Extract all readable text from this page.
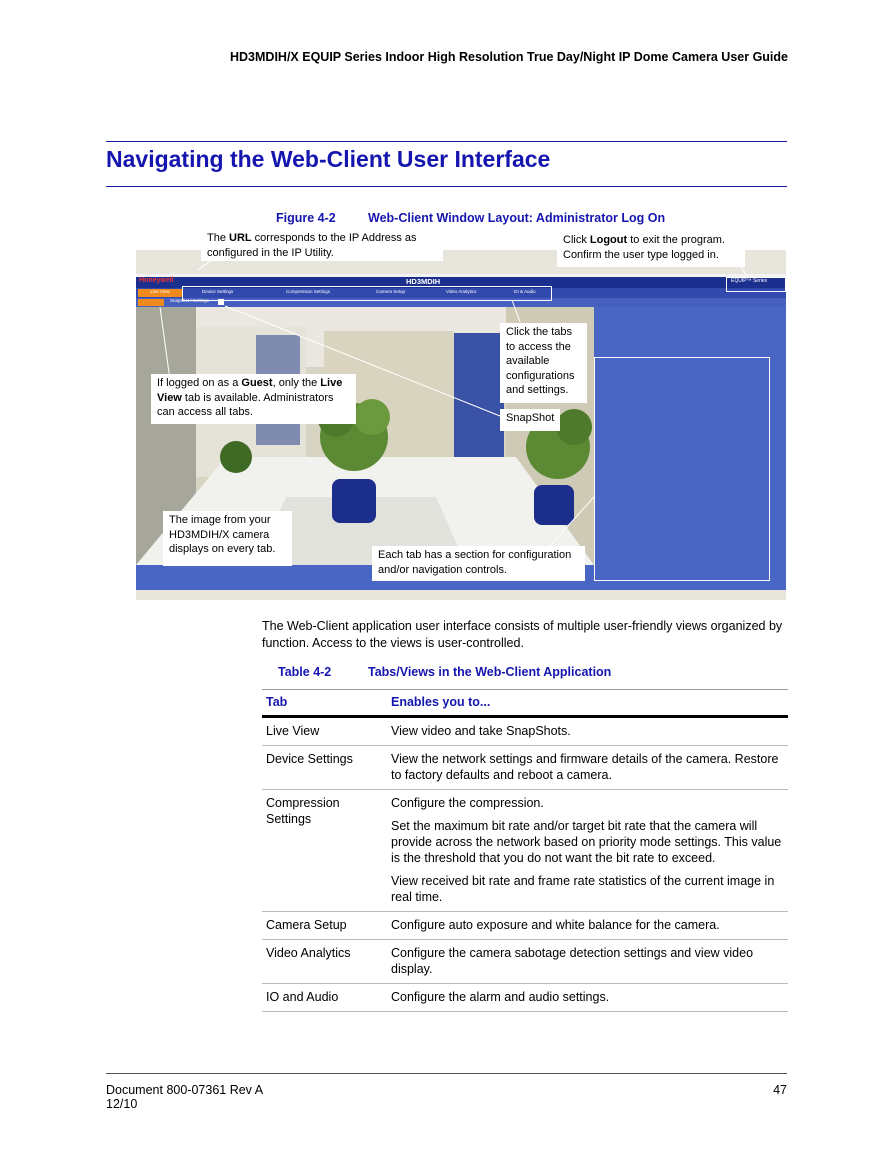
HD3MDIH/X EQUIP Series Indoor High Resolution True Day/Night IP Dome Camera User Guide
Navigating the Web-Client User Interface
Figure 4-2	Web-Client Window Layout: Administrator Log On
Honeywell	HD3MDIH	EQUIP™ Series
Live View	Device Settings	Compression Settings	Camera Setup	Video Analytics	IO & Audio
Snapshot / Settings
The URL corresponds to the IP Address as configured in the IP Utility.
Click Logout to exit the program. Confirm the user type logged in.
Click the tabs to access the available configurations and settings.
If logged on as a Guest, only the Live View tab is available. Administrators can access all tabs.	SnapShot
The image from your HD3MDIH/X camera displays on every tab.	Each tab has a section for configuration and/or navigation controls.
The Web-Client application user interface consists of multiple user-friendly views organized by function. Access to the views is user-controlled.
Table 4-2	Tabs/Views in the Web-Client Application
Tab	Enables you to...
Live View	View video and take SnapShots.

Device Settings	View the network settings and firmware details of the camera. Restore to factory defaults and reboot a camera.

Compression Settings	Configure the compression.

Set the maximum bit rate and/or target bit rate that the camera will provide across the network based on priority mode settings. This value is the threshold that you do not want the bit rate to exceed.

View received bit rate and frame rate statistics of the current image in real time.

Camera Setup	Configure auto exposure and white balance for the camera.

Video Analytics	Configure the camera sabotage detection settings and view video display.

IO and Audio	Configure the alarm and audio settings.

Document 800-07361 Rev A
12/10
47
